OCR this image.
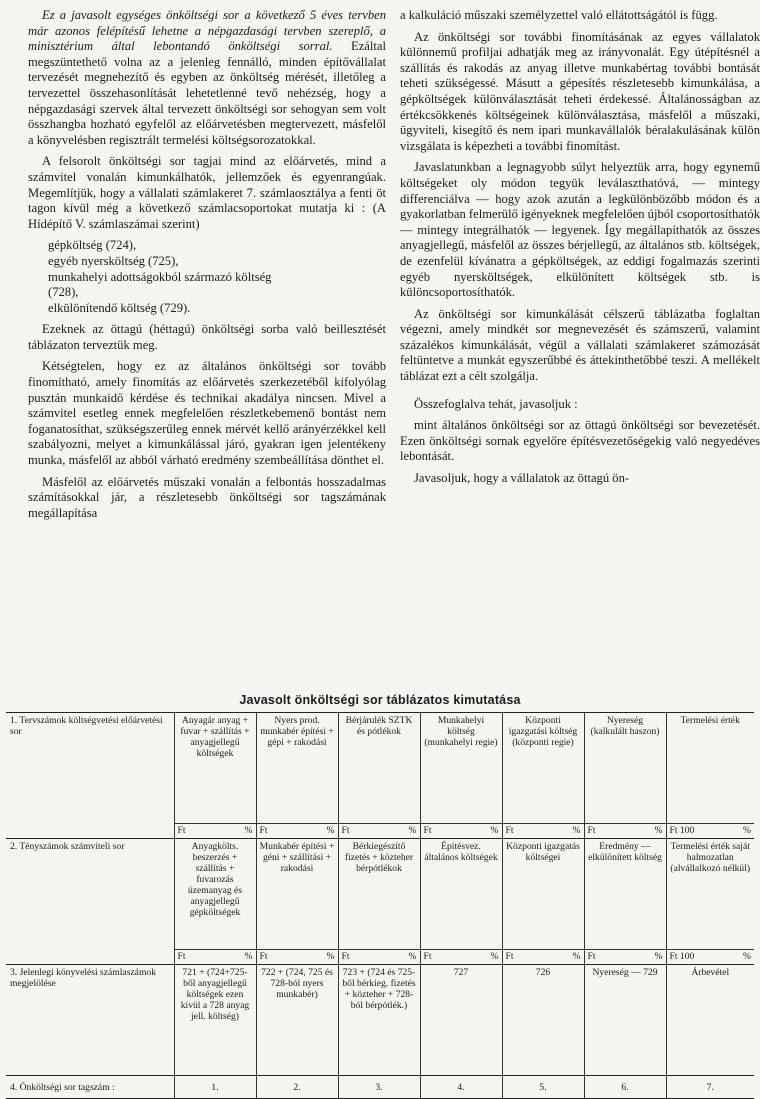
Ez a javasolt egységes önköltségi sor a következő 5 éves tervben már azonos felépítésű lehetne a népgazdasági tervben szereplő, a minisztérium által lebontandó önköltségi sorral. Ezáltal megszüntethető volna az a jelenleg fennálló, minden építővállalat tervezését megnehezítő és egyben az önköltség mérését, illetőleg a tervezettel összehasonlítását lehetetlenné tevő nehézség, hogy a népgazdasági szervek által tervezett önköltségi sor sehogyan sem volt összhangba hozható egyfelől az előárvetésben megtervezett, másfelől a könyvelésben regisztrált termelési költségsorozatokkal.

A felsorolt önköltségi sor tagjai mind az előárvetés, mind a számvitel vonalán kimunkálhatók, jellemzőek és egyenrangúak. Megemlítjük, hogy a vállalati számlakeret 7. számlaosztálya a fenti öt tagon kívül még a következő számlacsoportokat mutatja ki : (A Hídépítő V. számlaszámai szerint)

gépköltség (724),
egyéb nyersköltség (725),
munkahelyi adottságokból származó költség
(728),
elkülönítendő költség (729).

Ezeknek az öttagú (héttagú) önköltségi sorba való beillesztését táblázaton terveztük meg.

Kétségtelen, hogy ez az általános önköltségi sor tovább finomítható, amely finomítás az előárvetés szerkezetéből kifolyólag pusztán munkaidő kérdése és technikai akadálya nincsen. Mivel a számvitel esetleg ennek megfelelően részletkebemenő bontást nem foganatosíthat, szükségszerűleg ennek mérvét kellő arányérzékkel kell szabályozni, melyet a kimunkálással járó, gyakran igen jelentékeny munka, másfelől az abból várható eredmény szembeállítása dönthet el.

Másfelől az előárvetés műszaki vonalán a felbontás hosszadalmas számításokkal jár, a részletesebb önköltségi sor tagszámának megállapítása

a kalkuláció műszaki személyzettel való ellátottságától is függ.

Az önköltségi sor további finomításának az egyes vállalatok különnemű profiljai adhatják meg az irányvonalát. Egy útépítésnél a szállítás és rakodás az anyag illetve munkabértag további bontását teheti szükségessé. Másutt a gépesítés részletesebb kimunkálása, a gépköltségek különválasztását teheti érdekessé. Általánosságban az értékcsökkenés költségeinek különválasztása, másfelől a műszaki, ügyviteli, kisegítő és nem ipari munkavállalók béralakulásának külön vizsgálata is képezheti a további finomítást.

Javaslatunkban a legnagyobb súlyt helyeztük arra, hogy egynemű költségeket oly módon tegyük leválaszthatóvá, — mintegy differenciálva — hogy azok azután a legkülönbözőbb módon és a gyakorlatban felmerülő igényeknek megfelelően újból csoportosíthatók — mintegy integrálhatók — legyenek. Így megállapíthatók az összes anyagjellegű, másfelől az összes bérjellegű, az általános stb. költségek, de ezenfelül kívánatra a gépköltségek, az eddigi fogalmazás szerinti egyéb nyersköltségek, elkülönített költségek stb. is különcsoportosíthatók.

Az önköltségi sor kimunkálását célszerű táblázatba foglaltan végezni, amely mindkét sor megnevezését és számszerű, valamint százalékos kimunkálását, végül a vállalati számlakeret számozását feltüntetve a munkát egyszerűbbé és áttekinthetőbbé teszi. A mellékelt táblázat ezt a célt szolgálja.

Összefoglalva tehát, javasoljuk :

mint általános önköltségi sor az öttagú önköltségi sor bevezetését. Ezen önköltségi sornak egyelőre építésvezetőségekig való negyedéves lebontását.

Javasoljuk, hogy a vállalatok az öttagú ön-

Javasolt önköltségi sor táblázatos kimutatása
1. Tervszámok költségvetési előárvetési sor	Anyagár anyag + fuvar + szállítás + anyagjellegű költségek	Nyers prod. munkabér építési + gépi + rakodási	Bérjárulék SZTK és pótlékok	Munkahelyi költség (munkahelyi regie)	Központi igazgatási költség (központi regie)	Nyereség (kalkulált haszon)	Termelési érték

	Ft %	Ft %	Ft %	Ft %	Ft %	Ft %	Ft 100 %

2. Tényszámok számviteli sor	Anyagkölts. beszerzés + szállítás + fuvarozás üzemanyag és anyagjellegű gépköltségek	Munkabér építési + géni + szállítási + rakodási	Bérkiegészítő fizetés + közteher bérpótlékok	Építésvez. általános költségek	Központi igazgatás költségei	Eredmény — elkülönített költség	Termelési érték saját halmozatlan (alvállalkozó nélkül)

	Ft %	Ft %	Ft %	Ft %	Ft %	Ft %	Ft 100 %

3. Jelenlegi könyvelési számlaszámok megjelölése	721 + (724+725-ből anyagjellegű költségek ezen kívül a 728 anyag jell. költség)	722 + (724, 725 és 728-ból nyers munkabér)	723 + (724 és 725-ből bérkieg. fizetés + közteher + 728-ból bérpótlék.)	727	726	Nyereség — 729	Árbevétel
4. Önköltségi sor tagszám :	1.	2.	3.	4.	5.	6.	7.
